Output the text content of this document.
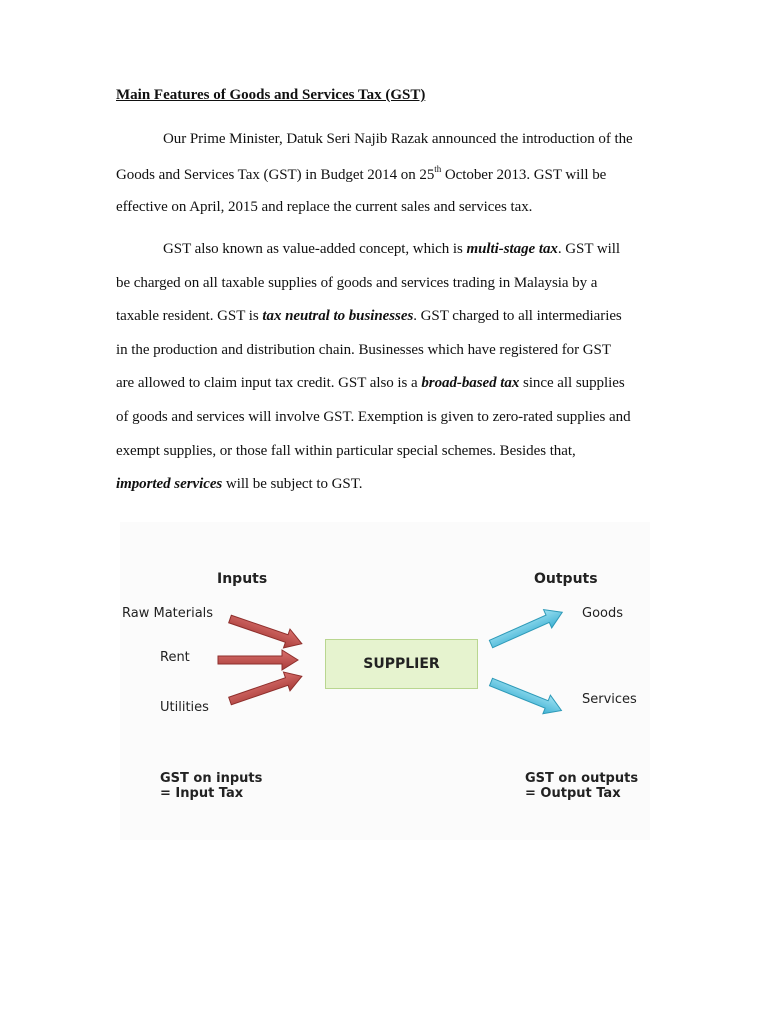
Main Features of Goods and Services Tax (GST)
Our Prime Minister, Datuk Seri Najib Razak announced the introduction of the
Goods and Services Tax (GST) in Budget 2014 on 25th October 2013. GST will be
effective on April, 2015 and replace the current sales and services tax.
GST also known as value-added concept, which is multi-stage tax. GST will
be charged on all taxable supplies of goods and services trading in Malaysia by a
taxable resident. GST is tax neutral to businesses. GST charged to all intermediaries
in the production and distribution chain. Businesses which have registered for GST
are allowed to claim input tax credit. GST also is a broad-based tax since all supplies
of goods and services will involve GST. Exemption is given to zero-rated supplies and
exempt supplies, or those fall within particular special schemes. Besides that,
imported services will be subject to GST.
Inputs	Outputs
Raw Materials
Rent
Utilities
Goods
Services
SUPPLIER
GST on inputs
= Input Tax
GST on outputs
= Output Tax
